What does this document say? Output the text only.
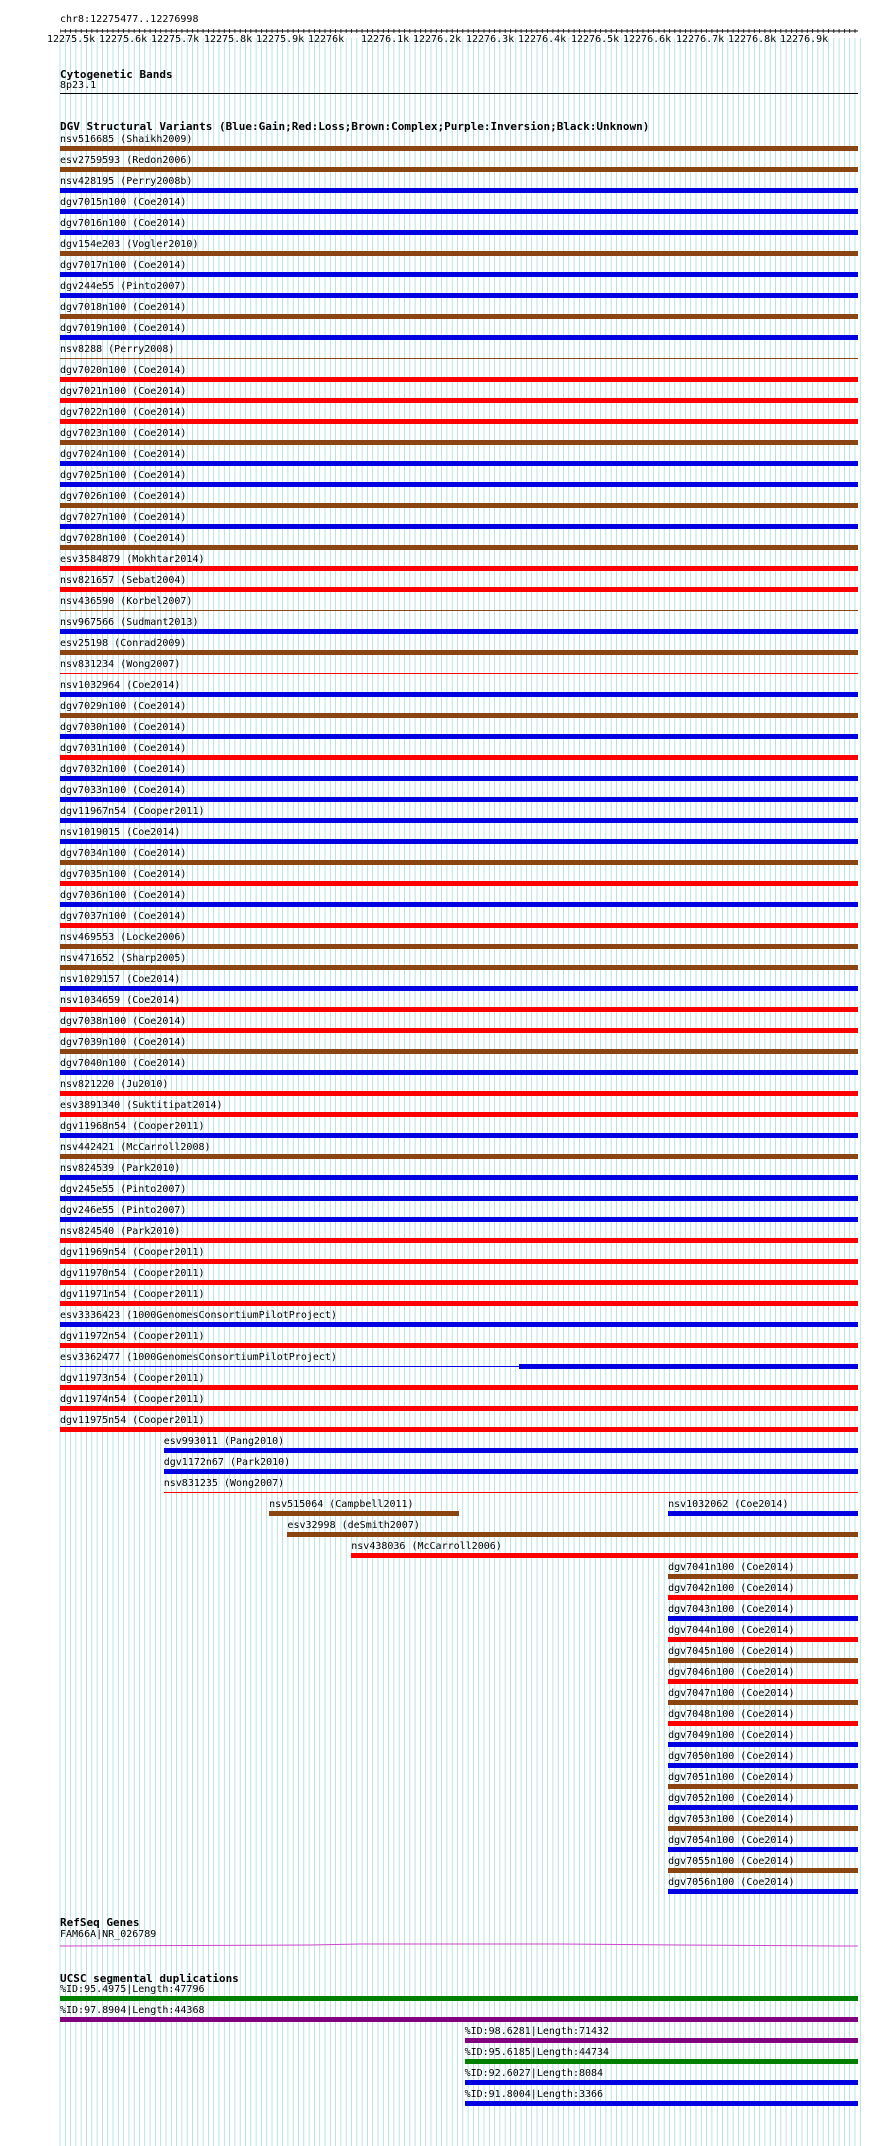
chr8:12275477..12276998
12275.5k 12275.6k 12275.7k 12275.8k 12275.9k 12276k 12276.1k 12276.2k 12276.3k 12276.4k 12276.5k 12276.6k 12276.7k 12276.8k 12276.9k
Cytogenetic Bands
8p23.1
DGV Structural Variants (Blue:Gain;Red:Loss;Brown:Complex;Purple:Inversion;Black:Unknown)
nsv516685 (Shaikh2009)
esv2759593 (Redon2006)
nsv428195 (Perry2008b)
dgv7015n100 (Coe2014)
dgv7016n100 (Coe2014)
dgv154e203 (Vogler2010)
dgv7017n100 (Coe2014)
dgv244e55 (Pinto2007)
dgv7018n100 (Coe2014)
dgv7019n100 (Coe2014)
nsv8288 (Perry2008)
dgv7020n100 (Coe2014)
dgv7021n100 (Coe2014)
dgv7022n100 (Coe2014)
dgv7023n100 (Coe2014)
dgv7024n100 (Coe2014)
dgv7025n100 (Coe2014)
dgv7026n100 (Coe2014)
dgv7027n100 (Coe2014)
dgv7028n100 (Coe2014)
esv3584879 (Mokhtar2014)
nsv821657 (Sebat2004)
nsv436590 (Korbel2007)
nsv967566 (Sudmant2013)
esv25198 (Conrad2009)
nsv831234 (Wong2007)
nsv1032964 (Coe2014)
dgv7029n100 (Coe2014)
dgv7030n100 (Coe2014)
dgv7031n100 (Coe2014)
dgv7032n100 (Coe2014)
dgv7033n100 (Coe2014)
dgv11967n54 (Cooper2011)
nsv1019015 (Coe2014)
dgv7034n100 (Coe2014)
dgv7035n100 (Coe2014)
dgv7036n100 (Coe2014)
dgv7037n100 (Coe2014)
nsv469553 (Locke2006)
nsv471652 (Sharp2005)
nsv1029157 (Coe2014)
nsv1034659 (Coe2014)
dgv7038n100 (Coe2014)
dgv7039n100 (Coe2014)
dgv7040n100 (Coe2014)
nsv821220 (Ju2010)
esv3891340 (Suktitipat2014)
dgv11968n54 (Cooper2011)
nsv442421 (McCarroll2008)
nsv824539 (Park2010)
dgv245e55 (Pinto2007)
dgv246e55 (Pinto2007)
nsv824540 (Park2010)
dgv11969n54 (Cooper2011)
dgv11970n54 (Cooper2011)
dgv11971n54 (Cooper2011)
esv3336423 (1000GenomesConsortiumPilotProject)
dgv11972n54 (Cooper2011)
esv3362477 (1000GenomesConsortiumPilotProject)
dgv11973n54 (Cooper2011)
dgv11974n54 (Cooper2011)
dgv11975n54 (Cooper2011)
esv993011 (Pang2010)
dgv1172n67 (Park2010)
nsv831235 (Wong2007)
nsv515064 (Campbell2011)	nsv1032062 (Coe2014)
esv32998 (deSmith2007)
nsv438036 (McCarroll2006)
dgv7041n100 (Coe2014)
dgv7042n100 (Coe2014)
dgv7043n100 (Coe2014)
dgv7044n100 (Coe2014)
dgv7045n100 (Coe2014)
dgv7046n100 (Coe2014)
dgv7047n100 (Coe2014)
dgv7048n100 (Coe2014)
dgv7049n100 (Coe2014)
dgv7050n100 (Coe2014)
dgv7051n100 (Coe2014)
dgv7052n100 (Coe2014)
dgv7053n100 (Coe2014)
dgv7054n100 (Coe2014)
dgv7055n100 (Coe2014)
dgv7056n100 (Coe2014)
RefSeq Genes
FAM66A|NR_026789
UCSC segmental duplications
%ID:95.4975|Length:47796
%ID:97.8904|Length:44368
%ID:98.6281|Length:71432
%ID:95.6185|Length:44734
%ID:92.6027|Length:8084
%ID:91.8004|Length:3366
